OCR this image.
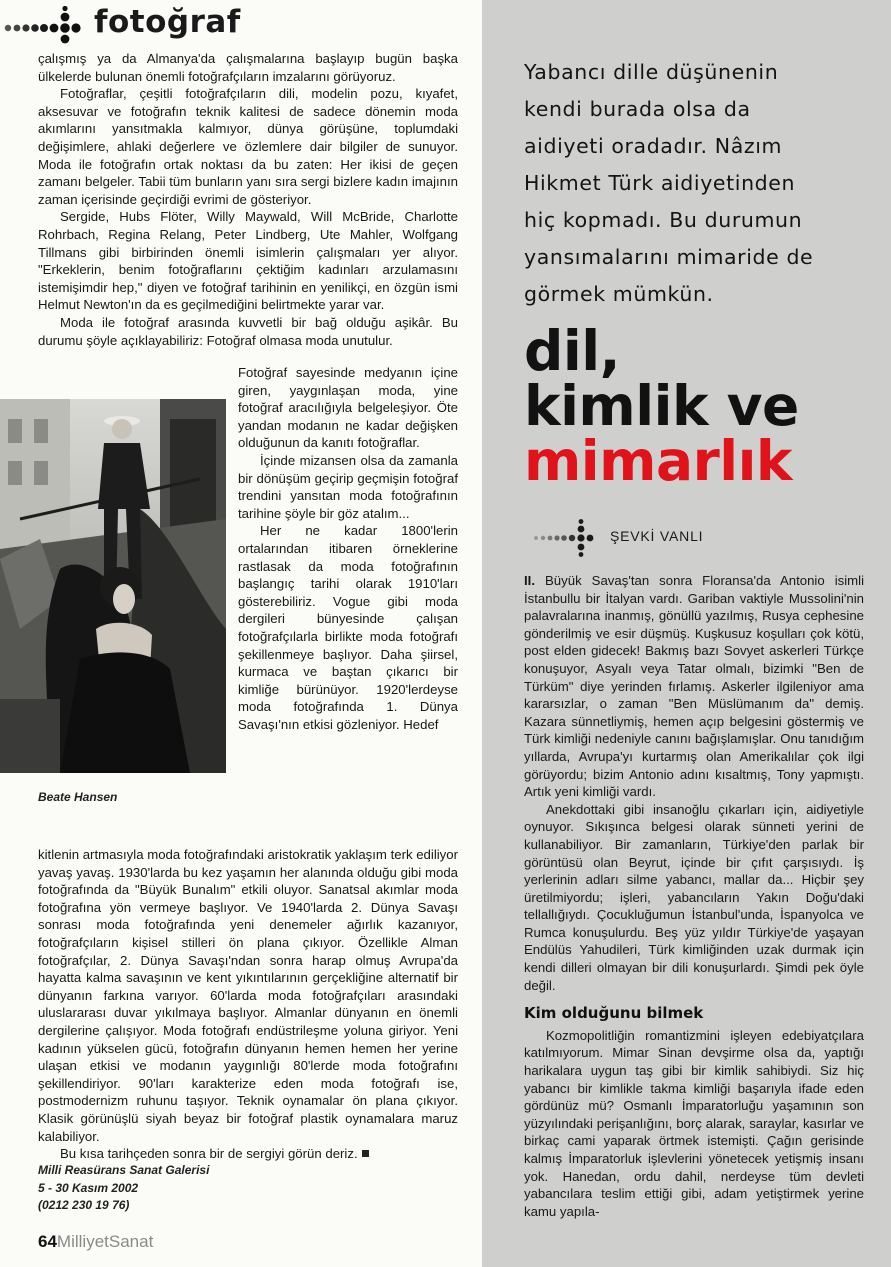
fotoğraf

çalışmış ya da Almanya'da çalışmalarına başlayıp bugün başka ülkelerde bulunan önemli fotoğrafçıların imzalarını görüyoruz.

Fotoğraflar, çeşitli fotoğrafçıların dili, modelin pozu, kıyafet, aksesuvar ve fotoğrafın teknik kalitesi de sadece dönemin moda akımlarını yansıtmakla kalmıyor, dünya görüşüne, toplumdaki değişimlere, ahlaki değerlere ve özlemlere dair bilgiler de sunuyor. Moda ile fotoğrafın ortak noktası da bu zaten: Her ikisi de geçen zamanı belgeler. Tabii tüm bunların yanı sıra sergi bizlere kadın imajının zaman içerisinde geçirdiği evrimi de gösteriyor.

Sergide, Hubs Flöter, Willy Maywald, Will McBride, Charlotte Rohrbach, Regina Relang, Peter Lindberg, Ute Mahler, Wolfgang Tillmans gibi birbirinden önemli isimlerin çalışmaları yer alıyor. "Erkeklerin, benim fotoğraflarını çektiğim kadınları arzulamasını istemişimdir hep," diyen ve fotoğraf tarihinin en yenilikçi, en özgün ismi Helmut Newton'ın da es geçilmediğini belirtmekte yarar var.

Moda ile fotoğraf arasında kuvvetli bir bağ olduğu aşikâr. Bu durumu şöyle açıklayabiliriz: Fotoğraf olmasa moda unutulur.

Fotoğraf sayesinde medyanın içine giren, yaygınlaşan moda, yine fotoğraf aracılığıyla belgeleşiyor. Öte yandan modanın ne kadar değişken olduğunun da kanıtı fotoğraflar.

İçinde mizansen olsa da zamanla bir dönüşüm geçirip geçmişin fotoğraf trendini yansıtan moda fotoğrafının tarihine şöyle bir göz atalım...

Her ne kadar 1800'lerin ortalarından itibaren örneklerine rastlasak da moda fotoğrafının başlangıç tarihi olarak 1910'ları gösterebiliriz. Vogue gibi moda dergileri bünyesinde çalışan fotoğrafçılarla birlikte moda fotoğrafı şekillenmeye başlıyor. Daha şiirsel, kurmaca ve baştan çıkarıcı bir kimliğe bürünüyor. 1920'lerdeyse moda fotoğrafında 1. Dünya Savaşı'nın etkisi gözleniyor. Hedef

Beate Hansen

kitlenin artmasıyla moda fotoğrafındaki aristokratik yaklaşım terk ediliyor yavaş yavaş. 1930'larda bu kez yaşamın her alanında olduğu gibi moda fotoğrafında da "Büyük Bunalım" etkili oluyor. Sanatsal akımlar moda fotoğrafına yön vermeye başlıyor. Ve 1940'larda 2. Dünya Savaşı sonrası moda fotoğrafında yeni denemeler ağırlık kazanıyor, fotoğrafçıların kişisel stilleri ön plana çıkıyor. Özellikle Alman fotoğrafçılar, 2. Dünya Savaşı'ndan sonra harap olmuş Avrupa'da hayatta kalma savaşının ve kent yıkıntılarının gerçekliğine alternatif bir dünyanın farkına varıyor. 60'larda moda fotoğrafçıları arasındaki uluslararası duvar yıkılmaya başlıyor. Almanlar dünyanın en önemli dergilerine çalışıyor. Moda fotoğrafı endüstrileşme yoluna giriyor. Yeni kadının yükselen gücü, fotoğrafın dünyanın hemen hemen her yerine ulaşan etkisi ve modanın yaygınlığı 80'lerde moda fotoğrafını şekillendiriyor. 90'ları karakterize eden moda fotoğrafı ise, postmodernizm ruhunu taşıyor. Teknik oynamalar ön plana çıkıyor. Klasik görünüşlü siyah beyaz bir fotoğraf plastik oynamalara maruz kalabiliyor.

Bu kısa tarihçeden sonra bir de sergiyi görün deriz.

Milli Reasürans Sanat Galerisi
5 - 30 Kasım 2002
(0212 230 19 76)
64MilliyetSanat
Yabancı dille düşünenin
kendi burada olsa da
aidiyeti oradadır. Nâzım
Hikmet Türk aidiyetinden
hiç kopmadı. Bu durumun
yansımalarını mimaride de
görmek mümkün.
dil,
kimlik ve
mimarlık
ŞEVKİ VANLI

II. Büyük Savaş'tan sonra Floransa'da Antonio isimli İstanbullu bir İtalyan vardı. Gariban vaktiyle Mussolini'nin palavralarına inanmış, gönüllü yazılmış, Rusya cephesine gönderilmiş ve esir düşmüş. Kuşkusuz koşulları çok kötü, post elden gidecek! Bakmış bazı Sovyet askerleri Türkçe konuşuyor, Asyalı veya Tatar olmalı, bizimki "Ben de Türküm" diye yerinden fırlamış. Askerler ilgileniyor ama kararsızlar, o zaman "Ben Müslümanım da" demiş. Kazara sünnetliymiş, hemen açıp belgesini göstermiş ve Türk kimliği nedeniyle canını bağışlamışlar. Onu tanıdığım yıllarda, Avrupa'yı kurtarmış olan Amerikalılar çok ilgi görüyordu; bizim Antonio adını kısaltmış, Tony yapmıştı. Artık yeni kimliği vardı.

Anekdottaki gibi insanoğlu çıkarları için, aidiyetiyle oynuyor. Sıkışınca belgesi olarak sünneti yerini de kullanabiliyor. Bir zamanların, Türkiye'den parlak bir görüntüsü olan Beyrut, içinde bir çıfıt çarşısıydı. İş yerlerinin adları silme yabancı, mallar da... Hiçbir şey üretilmiyordu; işleri, yabancıların Yakın Doğu'daki tellallığıydı. Çocukluğumun İstanbul'unda, İspanyolca ve Rumca konuşulurdu. Beş yüz yıldır Türkiye'de yaşayan Endülüs Yahudileri, Türk kimliğinden uzak durmak için kendi dilleri olmayan bir dili konuşurlardı. Şimdi pek öyle değil.

Kim olduğunu bilmek

Kozmopolitliğin romantizmini işleyen edebiyatçılara katılmıyorum. Mimar Sinan devşirme olsa da, yaptığı harikalara uygun taş gibi bir kimlik sahibiydi. Siz hiç yabancı bir kimlikle takma kimliği başarıyla ifade eden gördünüz mü? Osmanlı İmparatorluğu yaşamının son yüzyılındaki perişanlığını, borç alarak, saraylar, kasırlar ve birkaç cami yaparak örtmek istemişti. Çağın gerisinde kalmış İmparatorluk işlevlerini yönetecek yetişmiş insanı yok. Hanedan, ordu dahil, nerdeyse tüm devleti yabancılara teslim ettiği gibi, adam yetiştirmek yerine kamu yapıla-
